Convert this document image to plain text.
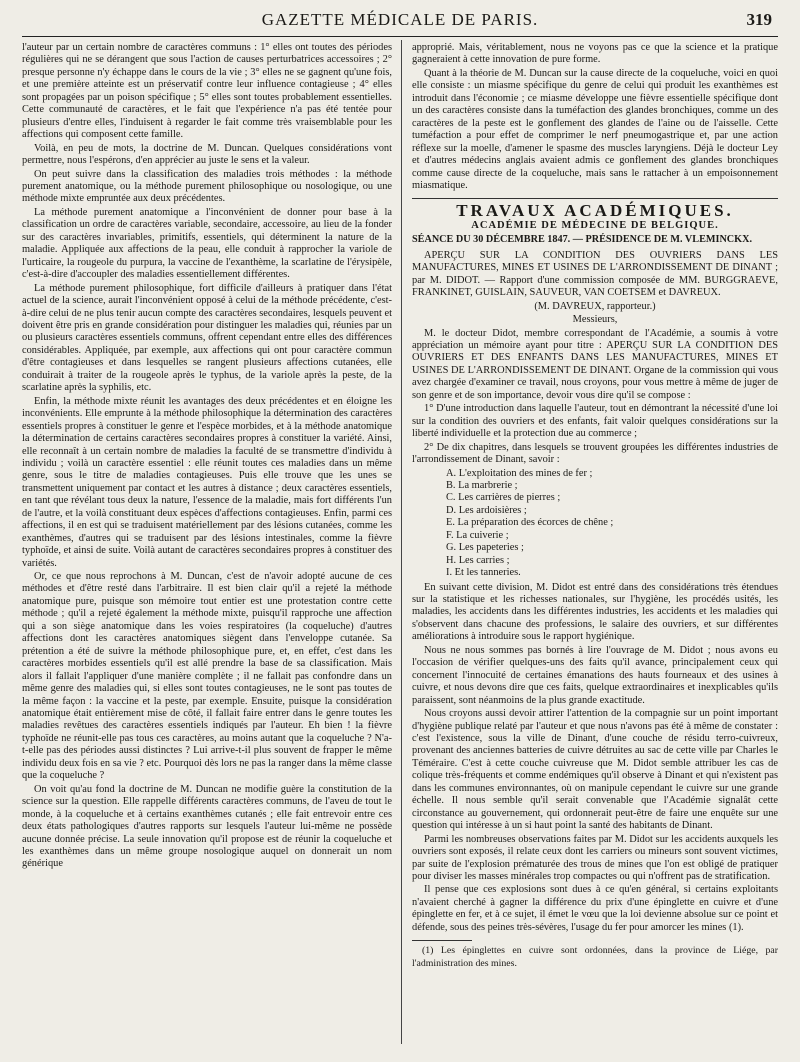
GAZETTE MÉDICALE DE PARIS.	319

l'auteur par un certain nombre de caractères communs : 1° elles ont toutes des périodes régulières qui ne se dérangent que sous l'action de causes perturbatrices accessoires ; 2° presque personne n'y échappe dans le cours de la vie ; 3° elles ne se gagnent qu'une fois, et une première atteinte est un préservatif contre leur influence contagieuse ; 4° elles sont propagées par un poison spécifique ; 5° elles sont toutes probablement essentielles. Cette communauté de caractères, et le fait que l'expérience n'a pas été tentée pour plusieurs d'entre elles, l'induisent à regarder le fait comme très vraisemblable pour les affections qui composent cette famille.

Voilà, en peu de mots, la doctrine de M. Duncan. Quelques considérations vont permettre, nous l'espérons, d'en apprécier au juste le sens et la valeur.

On peut suivre dans la classification des maladies trois méthodes : la méthode purement anatomique, ou la méthode purement philosophique ou nosologique, ou une méthode mixte empruntée aux deux précédentes.

La méthode purement anatomique a l'inconvénient de donner pour base à la classification un ordre de caractères variable, secondaire, accessoire, au lieu de la fonder sur des caractères invariables, primitifs, essentiels, qui déterminent la nature de la maladie. Appliquée aux affections de la peau, elle conduit à rapprocher la variole de l'urticaire, la rougeole du purpura, la vaccine de l'exanthème, la scarlatine de l'érysipèle, c'est-à-dire d'accoupler des maladies essentiellement différentes.

La méthode purement philosophique, fort difficile d'ailleurs à pratiquer dans l'état actuel de la science, aurait l'inconvénient opposé à celui de la méthode précédente, c'est-à-dire celui de ne plus tenir aucun compte des caractères secondaires, lesquels peuvent et doivent être pris en grande considération pour distinguer les maladies qui, réunies par un ou plusieurs caractères essentiels communs, offrent cependant entre elles des différences considérables. Appliquée, par exemple, aux affections qui ont pour caractère commun d'être contagieuses et dans lesquelles se rangent plusieurs affections cutanées, elle conduirait à traiter de la rougeole après le typhus, de la variole après la peste, de la scarlatine après la syphilis, etc.

Enfin, la méthode mixte réunit les avantages des deux précédentes et en éloigne les inconvénients. Elle emprunte à la méthode philosophique la détermination des caractères essentiels propres à constituer le genre et l'espèce morbides, et à la méthode anatomique la détermination de certains caractères secondaires propres à constituer la variété. Ainsi, elle reconnaît à un certain nombre de maladies la faculté de se transmettre d'individu à individu ; voilà un caractère essentiel : elle réunit toutes ces maladies dans un même genre, sous le titre de maladies contagieuses. Puis elle trouve que les unes se transmettent uniquement par contact et les autres à distance ; deux caractères essentiels, en tant que révélant tous deux la nature, l'essence de la maladie, mais fort différents l'un de l'autre, et la voilà constituant deux espèces d'affections contagieuses. Enfin, parmi ces affections, il en est qui se traduisent matériellement par des lésions cutanées, comme les exanthèmes, d'autres qui se traduisent par des lésions intestinales, comme la fièvre typhoïde, et ainsi de suite. Voilà autant de caractères secondaires propres à constituer des variétés.

Or, ce que nous reprochons à M. Duncan, c'est de n'avoir adopté aucune de ces méthodes et d'être resté dans l'arbitraire. Il est bien clair qu'il a rejeté la méthode anatomique pure, puisque son mémoire tout entier est une protestation contre cette méthode ; qu'il a rejeté également la méthode mixte, puisqu'il rapproche une affection qui a son siège anatomique dans les voies respiratoires (la coqueluche) d'autres affections dont les caractères anatomiques siègent dans l'enveloppe cutanée. Sa prétention a été de suivre la méthode philosophique pure, et, en effet, c'est dans les caractères morbides essentiels qu'il est allé prendre la base de sa classification. Mais alors il fallait l'appliquer d'une manière complète ; il ne fallait pas confondre dans un même genre des maladies qui, si elles sont toutes contagieuses, ne le sont pas toutes de la même façon : la vaccine et la peste, par exemple. Ensuite, puisque la considération anatomique était entièrement mise de côté, il fallait faire entrer dans le genre toutes les maladies revêtues des caractères essentiels indiqués par l'auteur. Eh bien ! la fièvre typhoïde ne réunit-elle pas tous ces caractères, au moins autant que la coqueluche ? N'a-t-elle pas des périodes aussi distinctes ? Lui arrive-t-il plus souvent de frapper le même individu deux fois en sa vie ? etc. Pourquoi dès lors ne pas la ranger dans la même classe que la coqueluche ?

On voit qu'au fond la doctrine de M. Duncan ne modifie guère la constitution de la science sur la question. Elle rappelle différents caractères communs, de l'aveu de tout le monde, à la coqueluche et à certains exanthèmes cutanés ; elle fait entrevoir entre ces deux états pathologiques d'autres rapports sur lesquels l'auteur lui-même ne possède aucune donnée précise. La seule innovation qu'il propose est de réunir la coqueluche et les exanthèmes dans un même groupe nosologique auquel on donnerait un nom générique

approprié. Mais, véritablement, nous ne voyons pas ce que la science et la pratique gagneraient à cette innovation de pure forme.

Quant à la théorie de M. Duncan sur la cause directe de la coqueluche, voici en quoi elle consiste : un miasme spécifique du genre de celui qui produit les exanthèmes est introduit dans l'économie ; ce miasme développe une fièvre essentielle spécifique dont un des caractères consiste dans la tuméfaction des glandes bronchiques, comme un des caractères de la peste est le gonflement des glandes de l'aine ou de l'aisselle. Cette tuméfaction a pour effet de comprimer le nerf pneumogastrique et, par une action réflexe sur la moelle, d'amener le spasme des muscles laryngiens. Déjà le docteur Ley et d'autres médecins anglais avaient admis ce gonflement des glandes bronchiques comme cause directe de la coqueluche, mais sans le rattacher à un empoisonnement miasmatique.

TRAVAUX ACADÉMIQUES.
ACADÉMIE DE MÉDECINE DE BELGIQUE.

SÉANCE DU 30 DÉCEMBRE 1847. — PRÉSIDENCE DE M. VLEMINCKX.

APERÇU SUR LA CONDITION DES OUVRIERS DANS LES MANUFACTURES, MINES ET USINES DE L'ARRONDISSEMENT DE DINANT ; par M. DIDOT. — Rapport d'une commission composée de MM. BURGGRAEVE, FRANKINET, GUISLAIN, SAUVEUR, VAN COETSEM et DAVREUX.

(M. DAVREUX, rapporteur.)

Messieurs,

M. le docteur Didot, membre correspondant de l'Académie, a soumis à votre appréciation un mémoire ayant pour titre : APERÇU SUR LA CONDITION DES OUVRIERS ET DES ENFANTS DANS LES MANUFACTURES, MINES ET USINES DE L'ARRONDISSEMENT DE DINANT. Organe de la commission qui vous avez chargée d'examiner ce travail, nous croyons, pour vous mettre à même de juger de son genre et de son importance, devoir vous dire qu'il se compose :

1° D'une introduction dans laquelle l'auteur, tout en démontrant la nécessité d'une loi sur la condition des ouvriers et des enfants, fait valoir quelques considérations sur la liberté individuelle et la protection due au commerce ;

2° De dix chapitres, dans lesquels se trouvent groupées les différentes industries de l'arrondissement de Dinant, savoir :

A. L'exploitation des mines de fer ;
B. La marbrerie ;
C. Les carrières de pierres ;
D. Les ardoisières ;
E. La préparation des écorces de chêne ;
F. La cuiverie ;
G. Les papeteries ;
H. Les carries ;
I. Et les tanneries.

En suivant cette division, M. Didot est entré dans des considérations très étendues sur la statistique et les richesses nationales, sur l'hygiène, les procédés usités, les maladies, les accidents dans les différentes industries, les accidents et les maladies qui s'observent dans chacune des professions, le salaire des ouvriers, et sur différentes améliorations à introduire sous le rapport hygiénique.

Nous ne nous sommes pas bornés à lire l'ouvrage de M. Didot ; nous avons eu l'occasion de vérifier quelques-uns des faits qu'il avance, principalement ceux qui concernent l'innocuité de certaines émanations des hauts fourneaux et des usines à cuivre, et nous devons dire que ces faits, quelque extraordinaires et inexplicables qu'ils paraissent, sont néanmoins de la plus grande exactitude.

Nous croyons aussi devoir attirer l'attention de la compagnie sur un point important d'hygiène publique relaté par l'auteur et que nous n'avons pas été à même de constater : c'est l'existence, sous la ville de Dinant, d'une couche de résidu terro-cuivreux, provenant des anciennes batteries de cuivre détruites au sac de cette ville par Charles le Téméraire. C'est à cette couche cuivreuse que M. Didot semble attribuer les cas de colique très-fréquents et comme endémiques qu'il observe à Dinant et qui n'existent pas dans les communes environnantes, où on manipule cependant le cuivre sur une grande échelle. Il nous semble qu'il serait convenable que l'Académie signalât cette circonstance au gouvernement, qui ordonnerait peut-être de faire une enquête sur une question qui intéresse à un si haut point la santé des habitants de Dinant.

Parmi les nombreuses observations faites par M. Didot sur les accidents auxquels les ouvriers sont exposés, il relate ceux dont les carriers ou mineurs sont souvent victimes, par suite de l'explosion prématurée des trous de mines que l'on est obligé de pratiquer pour diviser les masses minérales trop compactes ou qui n'offrent pas de stratification.

Il pense que ces explosions sont dues à ce qu'en général, si certains exploitants n'avaient cherché à gagner la différence du prix d'une épinglette en cuivre et d'une épinglette en fer, et à ce sujet, il émet le vœu que la loi devienne absolue sur ce point et défende, sous des peines très-sévères, l'usage du fer pour amorcer les mines (1).

(1) Les épinglettes en cuivre sont ordonnées, dans la province de Liége, par l'administration des mines.
